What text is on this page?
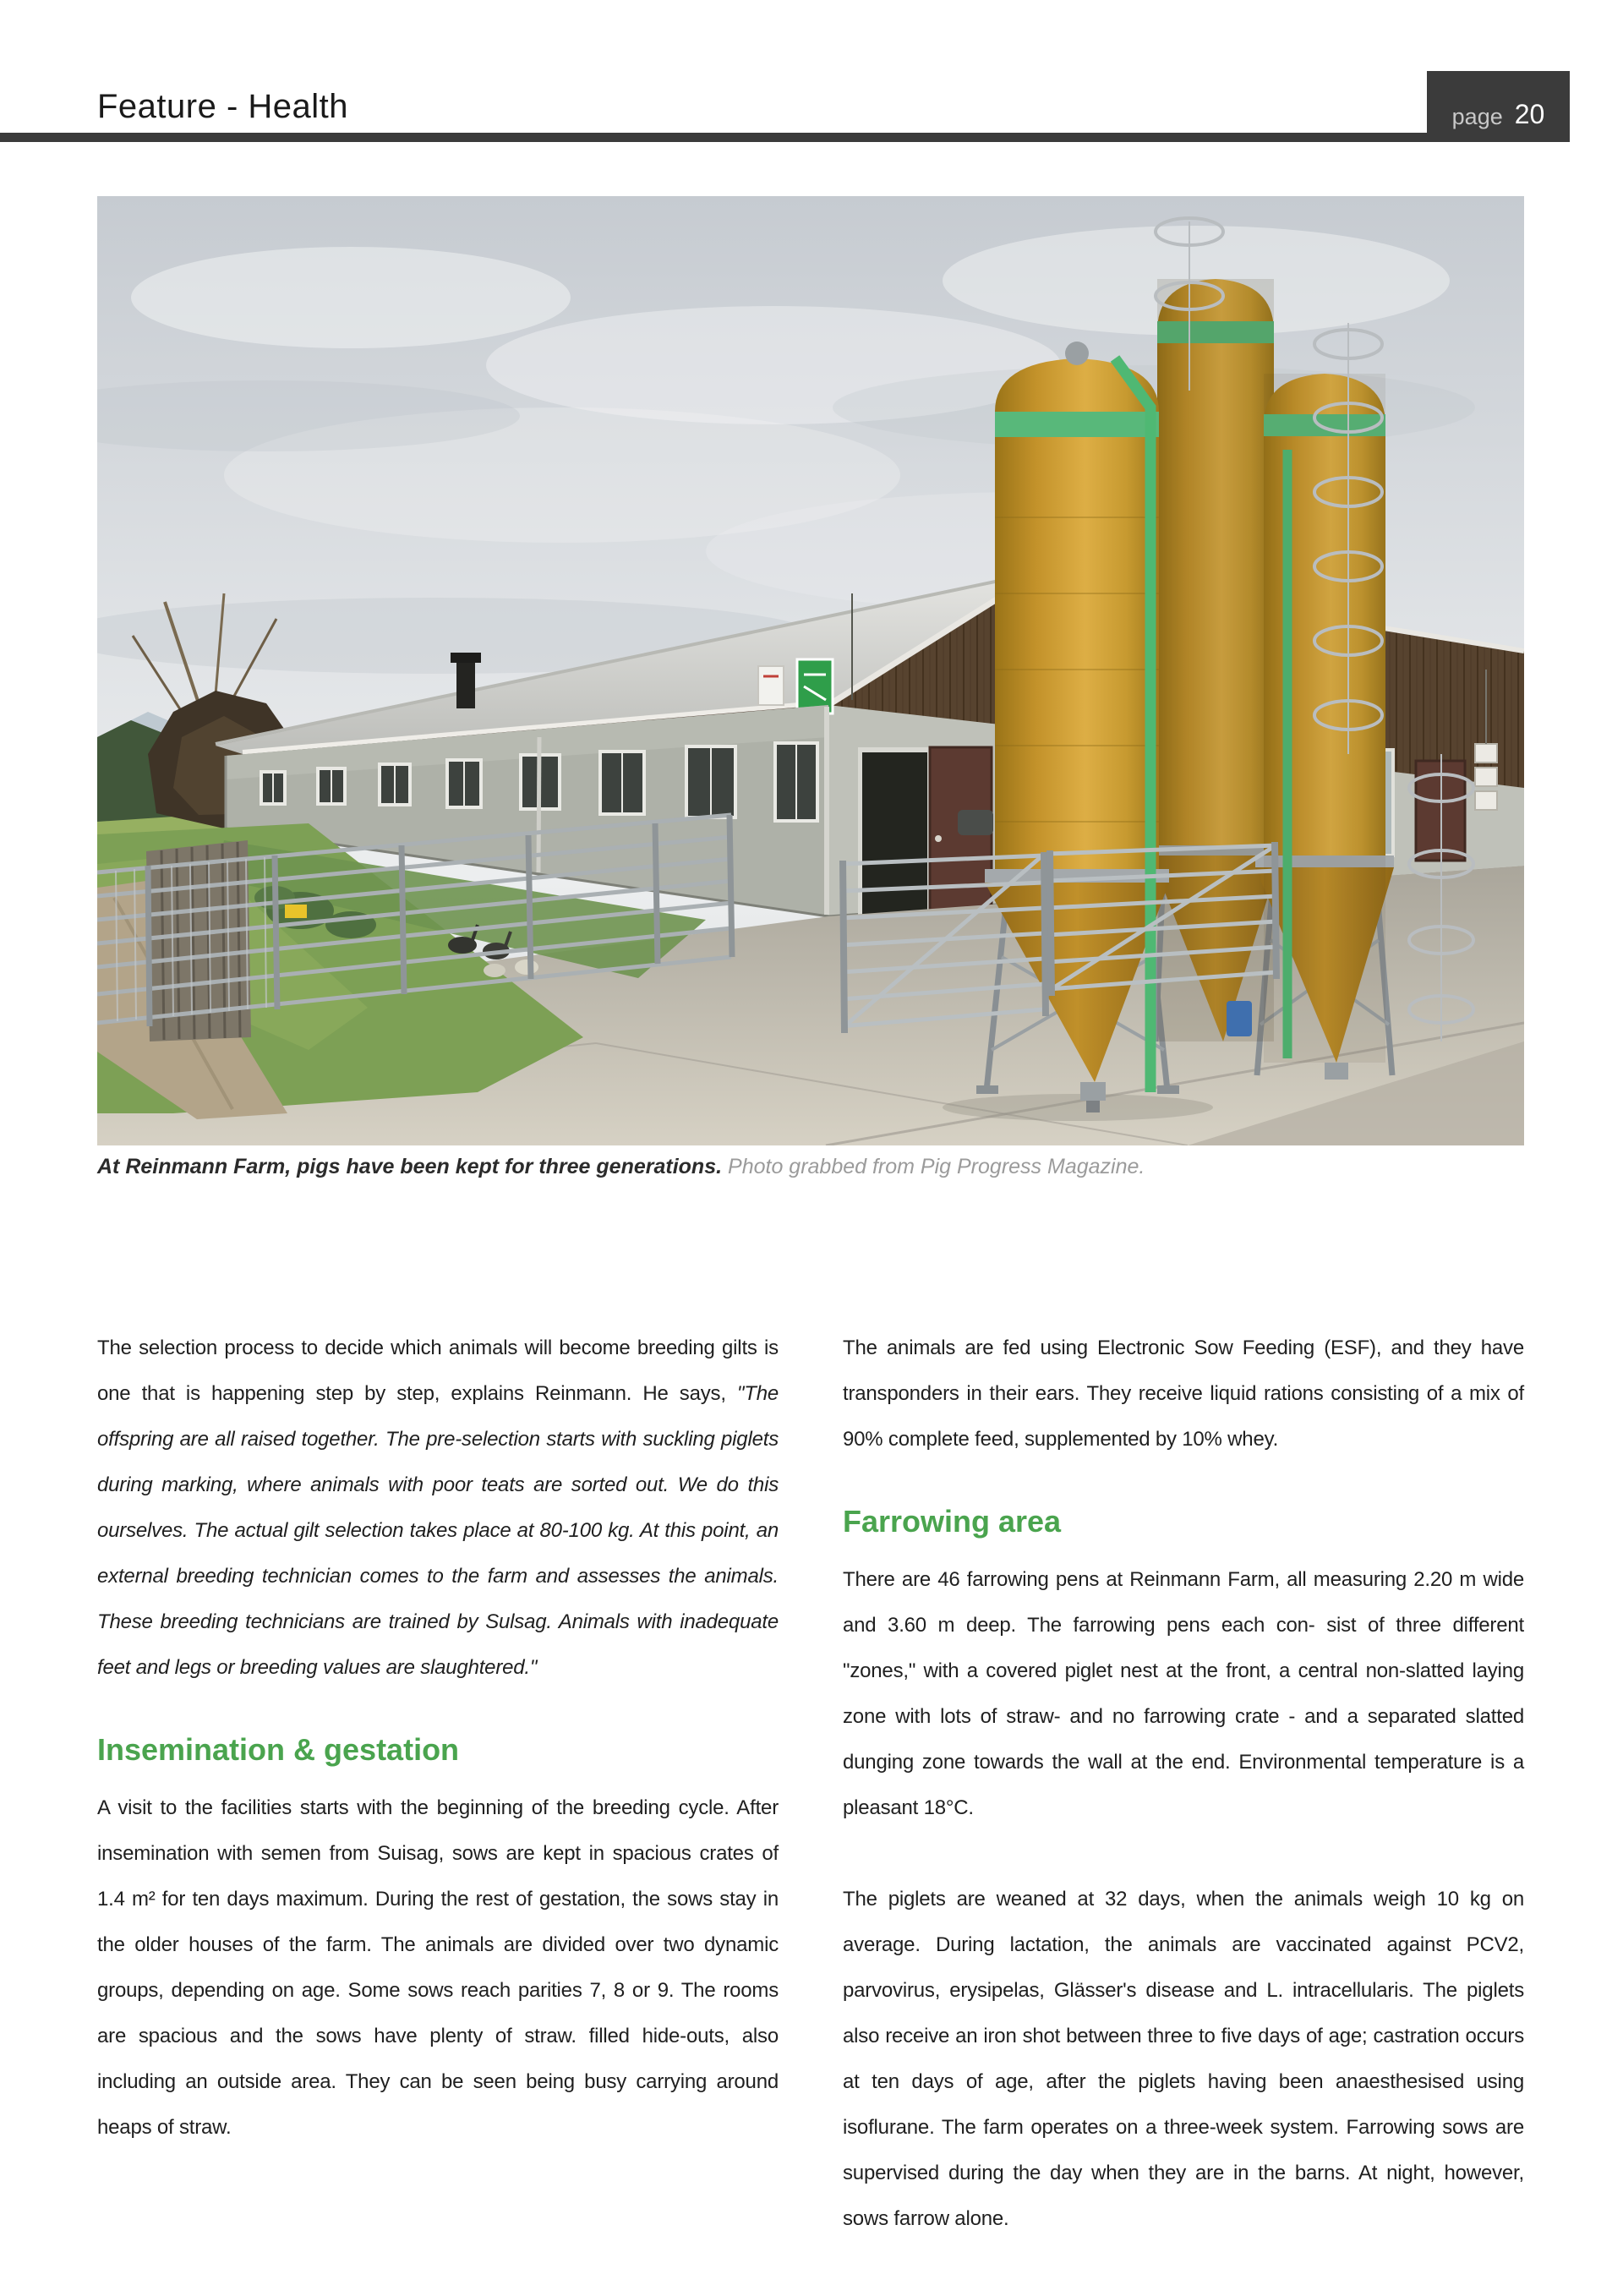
Feature - Health	page 20
At Reinmann Farm, pigs have been kept for three generations. Photo grabbed from Pig Progress Magazine.

The selection process to decide which animals will become breeding gilts is one that is happening step by step, explains Reinmann. He says, "The offspring are all raised together. The pre-selection starts with suckling piglets during marking, where animals with poor teats are sorted out. We do this ourselves. The actual gilt selection takes place at 80-100 kg. At this point, an external breeding technician comes to the farm and assesses the animals. These breeding technicians are trained by Sulsag. Animals with inadequate feet and legs or breeding values are slaughtered."

Insemination & gestation

A visit to the facilities starts with the beginning of the breeding cycle. After insemination with semen from Suisag, sows are kept in spacious crates of 1.4 m² for ten days maximum. During the rest of gestation, the sows stay in the older houses of the farm. The animals are divided over two dynamic groups, depending on age. Some sows reach parities 7, 8 or 9. The rooms are spacious and the sows have plenty of straw. filled hide-outs, also including an outside area. They can be seen being busy carrying around heaps of straw.

The animals are fed using Electronic Sow Feeding (ESF), and they have transponders in their ears. They receive liquid rations consisting of a mix of 90% complete feed, supplemented by 10% whey.

Farrowing area

There are 46 farrowing pens at Reinmann Farm, all measuring 2.20 m wide and 3.60 m deep. The farrowing pens each con- sist of three different "zones," with a covered piglet nest at the front, a central non-slatted laying zone with lots of straw- and no farrowing crate - and a separated slatted dunging zone towards the wall at the end. Environmental temperature is a pleasant 18°C.

The piglets are weaned at 32 days, when the animals weigh 10 kg on average. During lactation, the animals are vaccinated against PCV2, parvovirus, erysipelas, Glässer's disease and L. intracellularis. The piglets also receive an iron shot between three to five days of age; castration occurs at ten days of age, after the piglets having been anaesthesised using isoflurane. The farm operates on a three-week system. Farrowing sows are supervised during the day when they are in the barns. At night, however, sows farrow alone.
